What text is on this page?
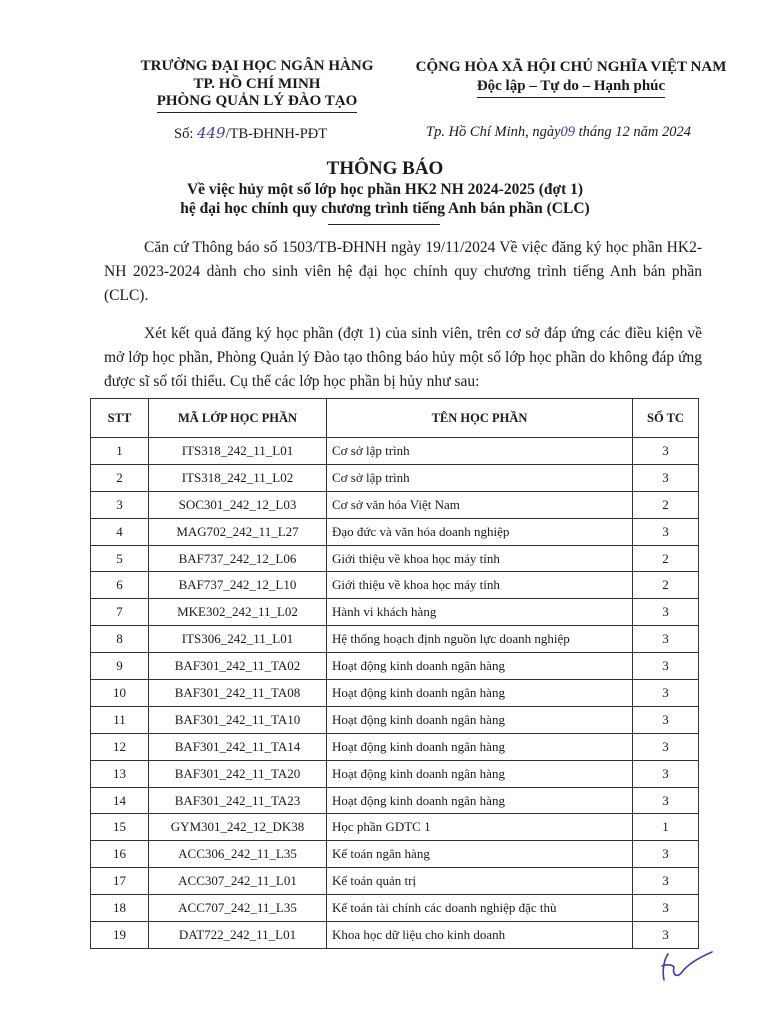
TRƯỜNG ĐẠI HỌC NGÂN HÀNG
TP. HỒ CHÍ MINH
PHÒNG QUẢN LÝ ĐÀO TẠO
CỘNG HÒA XÃ HỘI CHỦ NGHĨA VIỆT NAM
Độc lập – Tự do – Hạnh phúc
Số: 449/TB-ĐHNH-PĐT	Tp. Hồ Chí Minh, ngày09 tháng 12 năm 2024
THÔNG BÁO
Về việc hủy một số lớp học phần HK2 NH 2024-2025 (đợt 1)
hệ đại học chính quy chương trình tiếng Anh bán phần (CLC)
Căn cứ Thông báo số 1503/TB-ĐHNH ngày 19/11/2024 Về việc đăng ký học phần HK2-NH 2023-2024 dành cho sinh viên hệ đại học chính quy chương trình tiếng Anh bán phần (CLC).
Xét kết quả đăng ký học phần (đợt 1) của sinh viên, trên cơ sở đáp ứng các điều kiện về mở lớp học phần, Phòng Quản lý Đào tạo thông báo hủy một số lớp học phần do không đáp ứng được sĩ số tối thiểu. Cụ thể các lớp học phần bị hủy như sau:
STT	MÃ LỚP HỌC PHẦN	TÊN HỌC PHẦN	SỐ TC
1	ITS318_242_11_L01	Cơ sở lập trình	3
2	ITS318_242_11_L02	Cơ sở lập trình	3
3	SOC301_242_12_L03	Cơ sở văn hóa Việt Nam	2
4	MAG702_242_11_L27	Đạo đức và văn hóa doanh nghiệp	3
5	BAF737_242_12_L06	Giới thiệu về khoa học máy tính	2
6	BAF737_242_12_L10	Giới thiệu về khoa học máy tính	2
7	MKE302_242_11_L02	Hành vi khách hàng	3
8	ITS306_242_11_L01	Hệ thống hoạch định nguồn lực doanh nghiệp	3
9	BAF301_242_11_TA02	Hoạt động kinh doanh ngân hàng	3
10	BAF301_242_11_TA08	Hoạt động kinh doanh ngân hàng	3
11	BAF301_242_11_TA10	Hoạt động kinh doanh ngân hàng	3
12	BAF301_242_11_TA14	Hoạt động kinh doanh ngân hàng	3
13	BAF301_242_11_TA20	Hoạt động kinh doanh ngân hàng	3
14	BAF301_242_11_TA23	Hoạt động kinh doanh ngân hàng	3
15	GYM301_242_12_DK38	Học phần GDTC 1	1
16	ACC306_242_11_L35	Kế toán ngân hàng	3
17	ACC307_242_11_L01	Kế toán quản trị	3
18	ACC707_242_11_L35	Kế toán tài chính các doanh nghiệp đặc thù	3
19	DAT722_242_11_L01	Khoa học dữ liệu cho kinh doanh	3
